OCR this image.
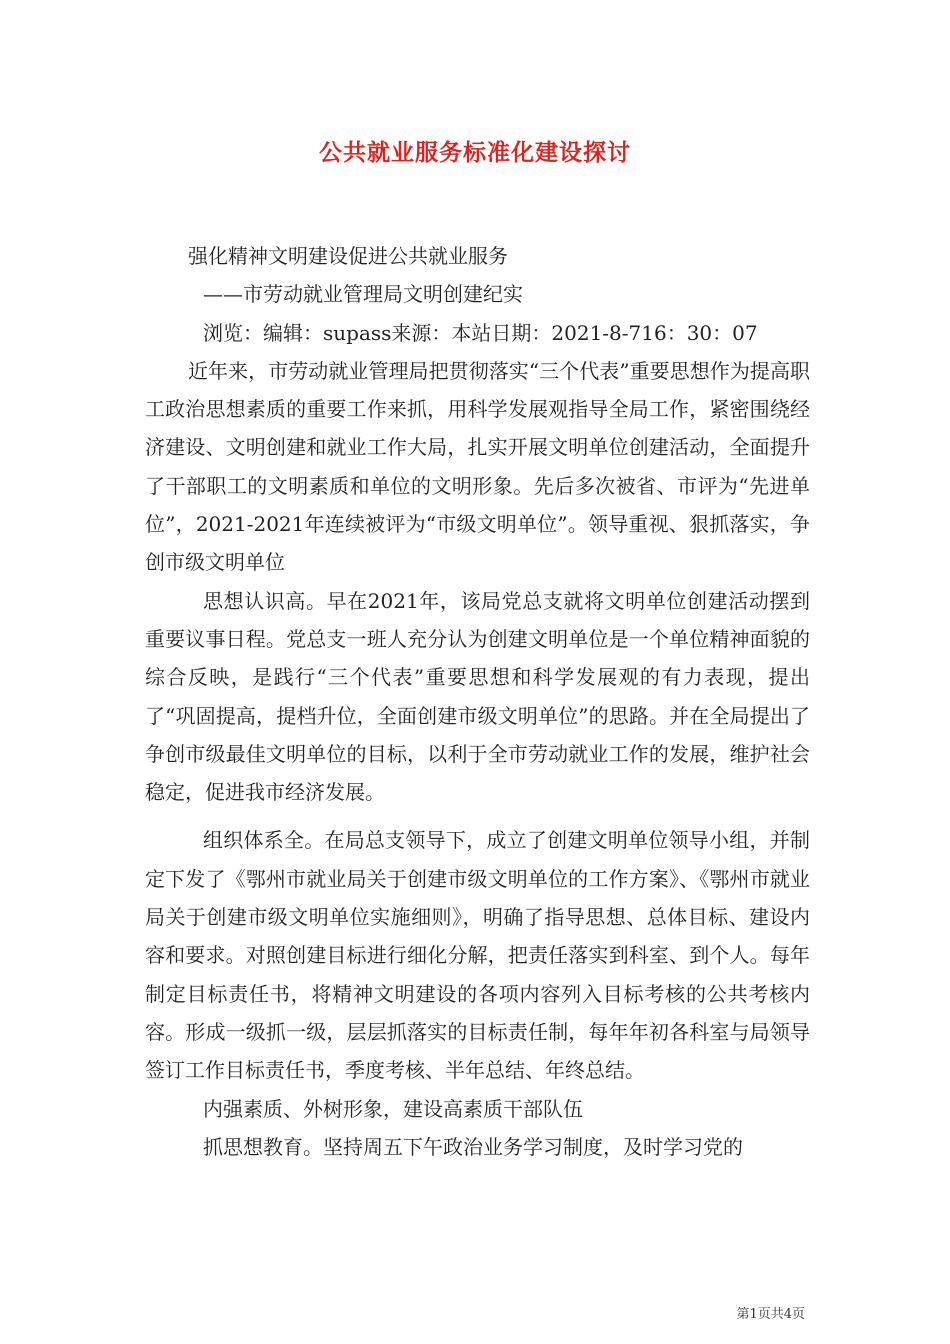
公共就业服务标准化建设探讨

强化精神文明建设促进公共就业服务

——市劳动就业管理局文明创建纪实

浏览：编辑：supass来源：本站日期：2021-8-716：30：07

近年来，市劳动就业管理局把贯彻落实“三个代表”重要思想作为提高职工政治思想素质的重要工作来抓，用科学发展观指导全局工作，紧密围绕经济建设、文明创建和就业工作大局，扎实开展文明单位创建活动，全面提升了干部职工的文明素质和单位的文明形象。先后多次被省、市评为“先进单位”，2021-2021年连续被评为“市级文明单位”。领导重视、狠抓落实，争创市级文明单位

思想认识高。早在2021年，该局党总支就将文明单位创建活动摆到重要议事日程。党总支一班人充分认为创建文明单位是一个单位精神面貌的综合反映，是践行“三个代表”重要思想和科学发展观的有力表现，提出了“巩固提高，提档升位，全面创建市级文明单位”的思路。并在全局提出了争创市级最佳文明单位的目标，以利于全市劳动就业工作的发展，维护社会稳定，促进我市经济发展。

组织体系全。在局总支领导下，成立了创建文明单位领导小组，并制定下发了《鄂州市就业局关于创建市级文明单位的工作方案》、《鄂州市就业局关于创建市级文明单位实施细则》，明确了指导思想、总体目标、建设内容和要求。对照创建目标进行细化分解，把责任落实到科室、到个人。每年制定目标责任书，将精神文明建设的各项内容列入目标考核的公共考核内容。形成一级抓一级，层层抓落实的目标责任制，每年年初各科室与局领导签订工作目标责任书，季度考核、半年总结、年终总结。

内强素质、外树形象，建设高素质干部队伍

抓思想教育。坚持周五下午政治业务学习制度，及时学习党的

第1页共4页
